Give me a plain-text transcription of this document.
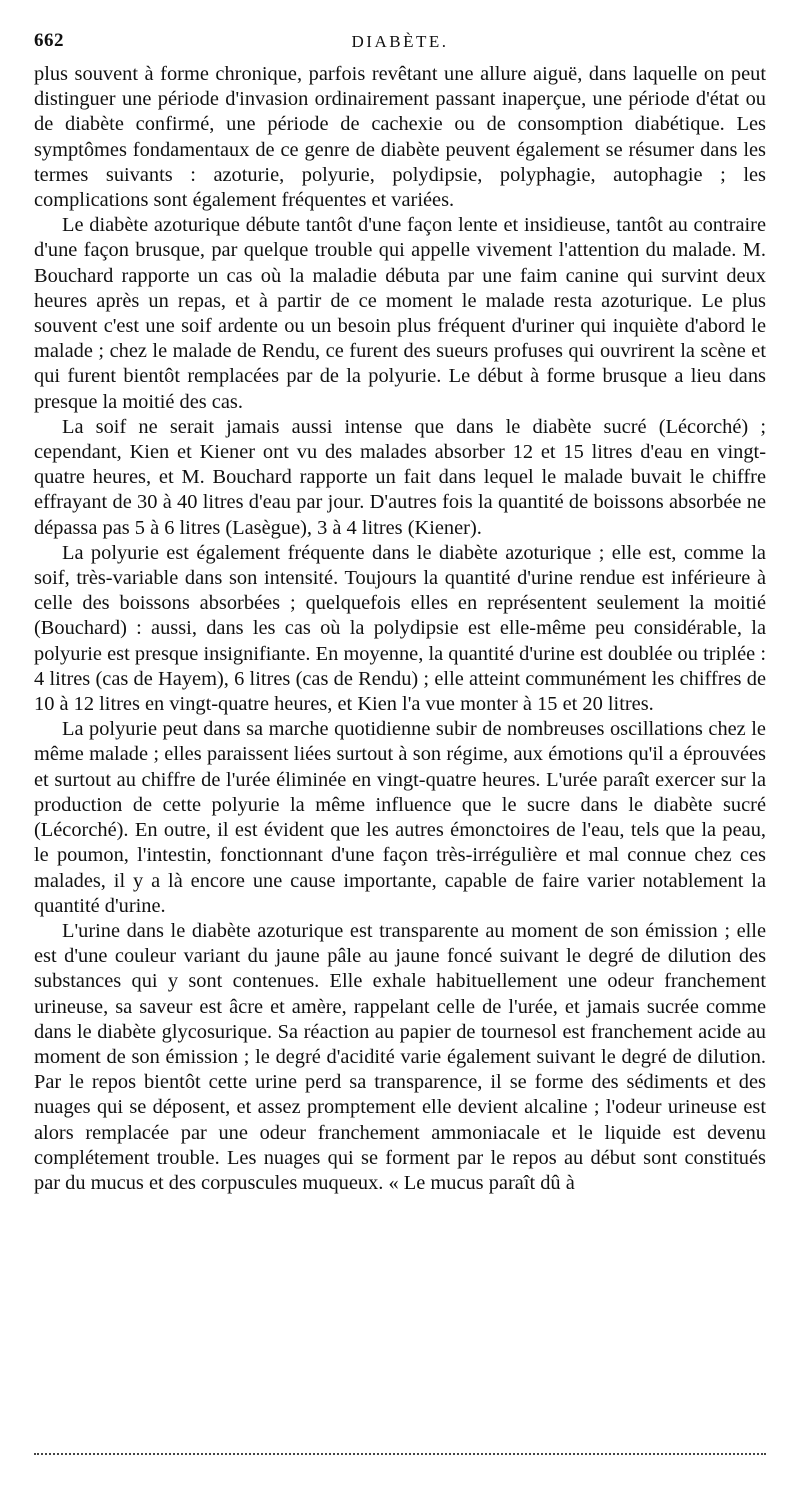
662	DIABÈTE.

plus souvent à forme chronique, parfois revêtant une allure aiguë, dans laquelle on peut distinguer une période d'invasion ordinairement passant inaperçue, une période d'état ou de diabète confirmé, une période de cachexie ou de consomption diabétique. Les symptômes fondamentaux de ce genre de diabète peuvent également se résumer dans les termes suivants : azoturie, polyurie, polydipsie, polyphagie, autophagie ; les complications sont également fréquentes et variées.

Le diabète azoturique débute tantôt d'une façon lente et insidieuse, tantôt au contraire d'une façon brusque, par quelque trouble qui appelle vivement l'attention du malade. M. Bouchard rapporte un cas où la maladie débuta par une faim canine qui survint deux heures après un repas, et à partir de ce moment le malade resta azoturique. Le plus souvent c'est une soif ardente ou un besoin plus fréquent d'uriner qui inquiète d'abord le malade ; chez le malade de Rendu, ce furent des sueurs profuses qui ouvrirent la scène et qui furent bientôt remplacées par de la polyurie. Le début à forme brusque a lieu dans presque la moitié des cas.

La soif ne serait jamais aussi intense que dans le diabète sucré (Lécorché) ; cependant, Kien et Kiener ont vu des malades absorber 12 et 15 litres d'eau en vingt-quatre heures, et M. Bouchard rapporte un fait dans lequel le malade buvait le chiffre effrayant de 30 à 40 litres d'eau par jour. D'autres fois la quantité de boissons absorbée ne dépassa pas 5 à 6 litres (Lasègue), 3 à 4 litres (Kiener).

La polyurie est également fréquente dans le diabète azoturique ; elle est, comme la soif, très-variable dans son intensité. Toujours la quantité d'urine rendue est inférieure à celle des boissons absorbées ; quelquefois elles en représentent seulement la moitié (Bouchard) : aussi, dans les cas où la polydipsie est elle-même peu considérable, la polyurie est presque insignifiante. En moyenne, la quantité d'urine est doublée ou triplée : 4 litres (cas de Hayem), 6 litres (cas de Rendu) ; elle atteint communément les chiffres de 10 à 12 litres en vingt-quatre heures, et Kien l'a vue monter à 15 et 20 litres.

La polyurie peut dans sa marche quotidienne subir de nombreuses oscillations chez le même malade ; elles paraissent liées surtout à son régime, aux émotions qu'il a éprouvées et surtout au chiffre de l'urée éliminée en vingt-quatre heures. L'urée paraît exercer sur la production de cette polyurie la même influence que le sucre dans le diabète sucré (Lécorché). En outre, il est évident que les autres émonctoires de l'eau, tels que la peau, le poumon, l'intestin, fonctionnant d'une façon très-irrégulière et mal connue chez ces malades, il y a là encore une cause importante, capable de faire varier notablement la quantité d'urine.

L'urine dans le diabète azoturique est transparente au moment de son émission ; elle est d'une couleur variant du jaune pâle au jaune foncé suivant le degré de dilution des substances qui y sont contenues. Elle exhale habituellement une odeur franchement urineuse, sa saveur est âcre et amère, rappelant celle de l'urée, et jamais sucrée comme dans le diabète glycosurique. Sa réaction au papier de tournesol est franchement acide au moment de son émission ; le degré d'acidité varie également suivant le degré de dilution. Par le repos bientôt cette urine perd sa transparence, il se forme des sédiments et des nuages qui se déposent, et assez promptement elle devient alcaline ; l'odeur urineuse est alors remplacée par une odeur franchement ammoniacale et le liquide est devenu complétement trouble. Les nuages qui se forment par le repos au début sont constitués par du mucus et des corpuscules muqueux. « Le mucus paraît dû à
